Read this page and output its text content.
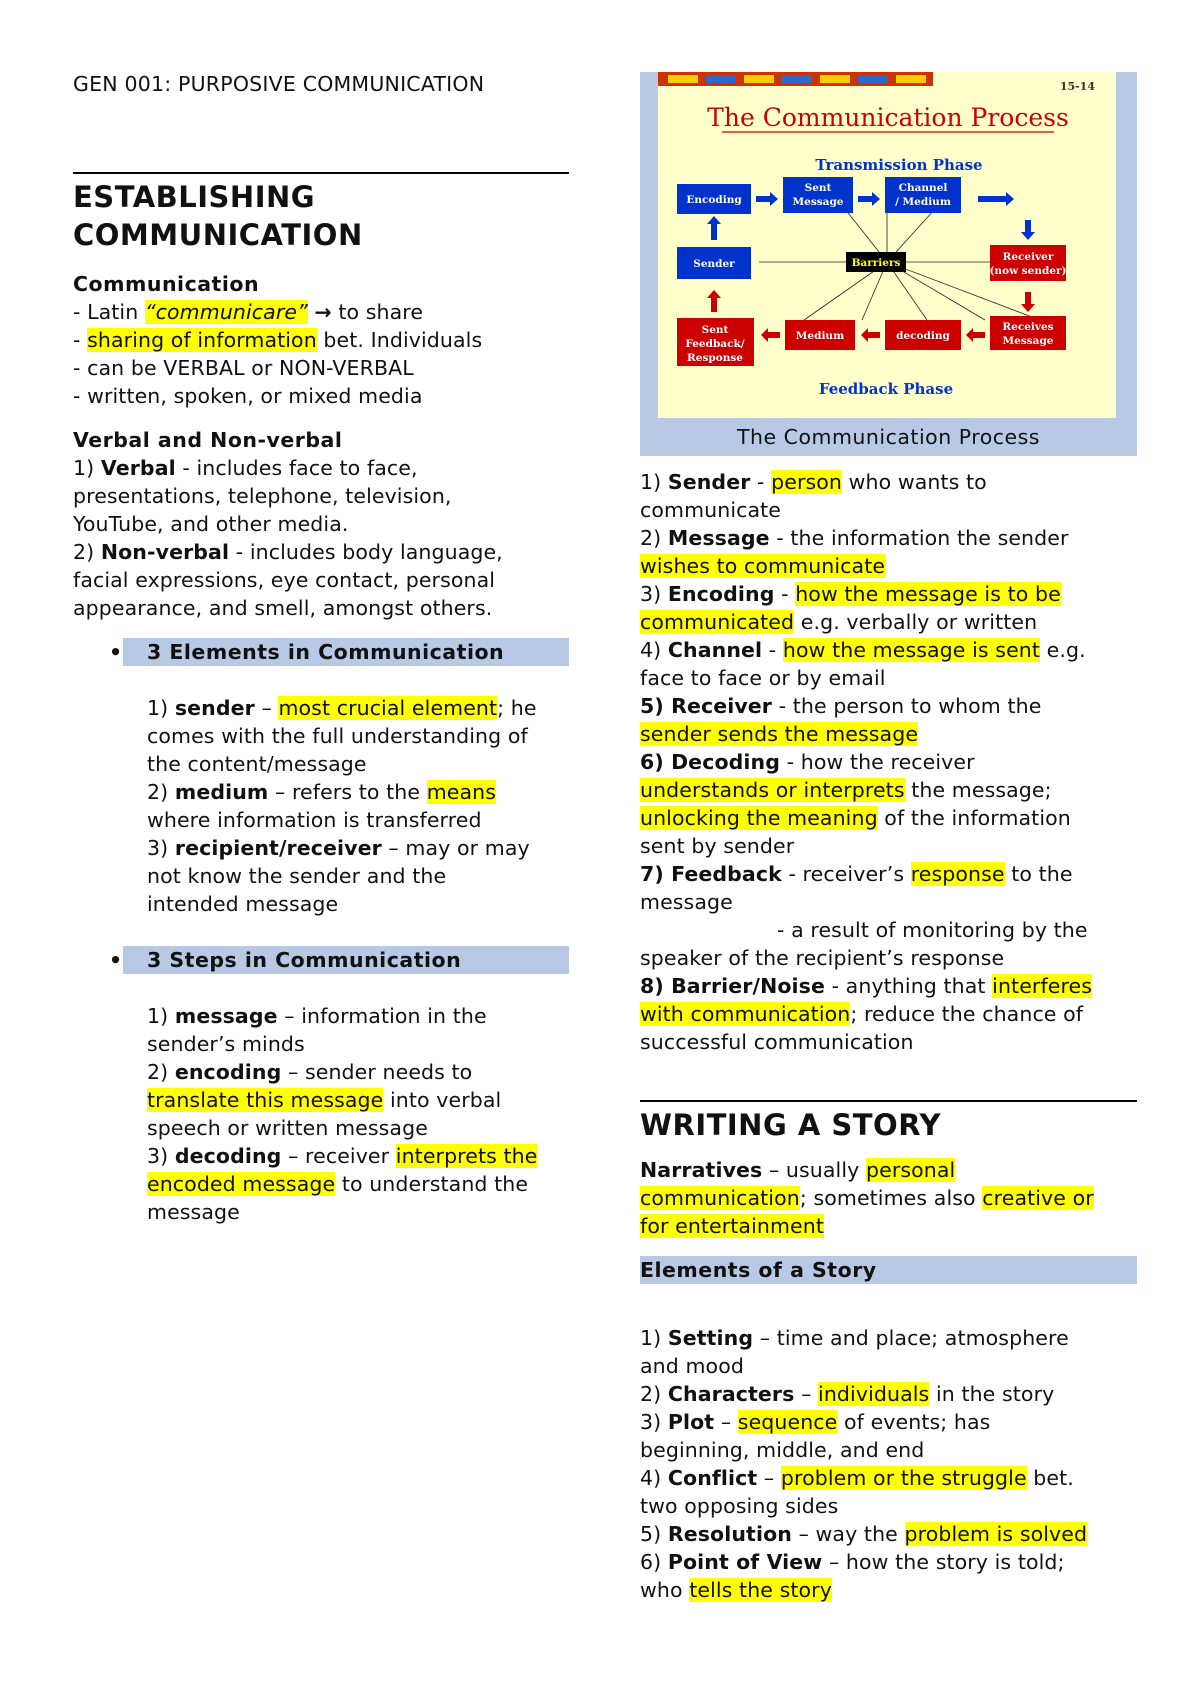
GEN 001: PURPOSIVE COMMUNICATION
ESTABLISHING
COMMUNICATION
Communication
- Latin “communicare” → to share
- sharing of information bet. Individuals
- can be VERBAL or NON-VERBAL
- written, spoken, or mixed media
Verbal and Non-verbal
1) Verbal - includes face to face,
presentations, telephone, television,
YouTube, and other media.
2) Non-verbal - includes body language,
facial expressions, eye contact, personal
appearance, and smell, amongst others.
• 3 Elements in Communication
1) sender – most crucial element; he
comes with the full understanding of
the content/message
2) medium – refers to the means
where information is transferred
3) recipient/receiver – may or may
not know the sender and the
intended message
• 3 Steps in Communication
1) message – information in the
sender’s minds
2) encoding – sender needs to
translate this message into verbal
speech or written message
3) decoding – receiver interprets the
encoded message to understand the
message
15-14
The Communication Process
Transmission Phase
Encoding
Sent
Message
Channel
/ Medium
Sender	Barriers	Receiver
(now sender)
Sent
Feedback/
Response
Medium	decoding
Receives
Message
Feedback Phase
The Communication Process
1) Sender - person who wants to
communicate
2) Message - the information the sender
wishes to communicate
3) Encoding - how the message is to be
communicated e.g. verbally or written
4) Channel - how the message is sent e.g.
face to face or by email
5) Receiver - the person to whom the
sender sends the message
6) Decoding - how the receiver
understands or interprets the message;
unlocking the meaning of the information
sent by sender
7) Feedback - receiver’s response to the
message
- a result of monitoring by the
speaker of the recipient’s response
8) Barrier/Noise - anything that interferes
with communication; reduce the chance of
successful communication
WRITING A STORY
Narratives – usually personal
communication; sometimes also creative or
for entertainment
Elements of a Story
1) Setting – time and place; atmosphere
and mood
2) Characters – individuals in the story
3) Plot – sequence of events; has
beginning, middle, and end
4) Conflict – problem or the struggle bet.
two opposing sides
5) Resolution – way the problem is solved
6) Point of View – how the story is told;
who tells the story
